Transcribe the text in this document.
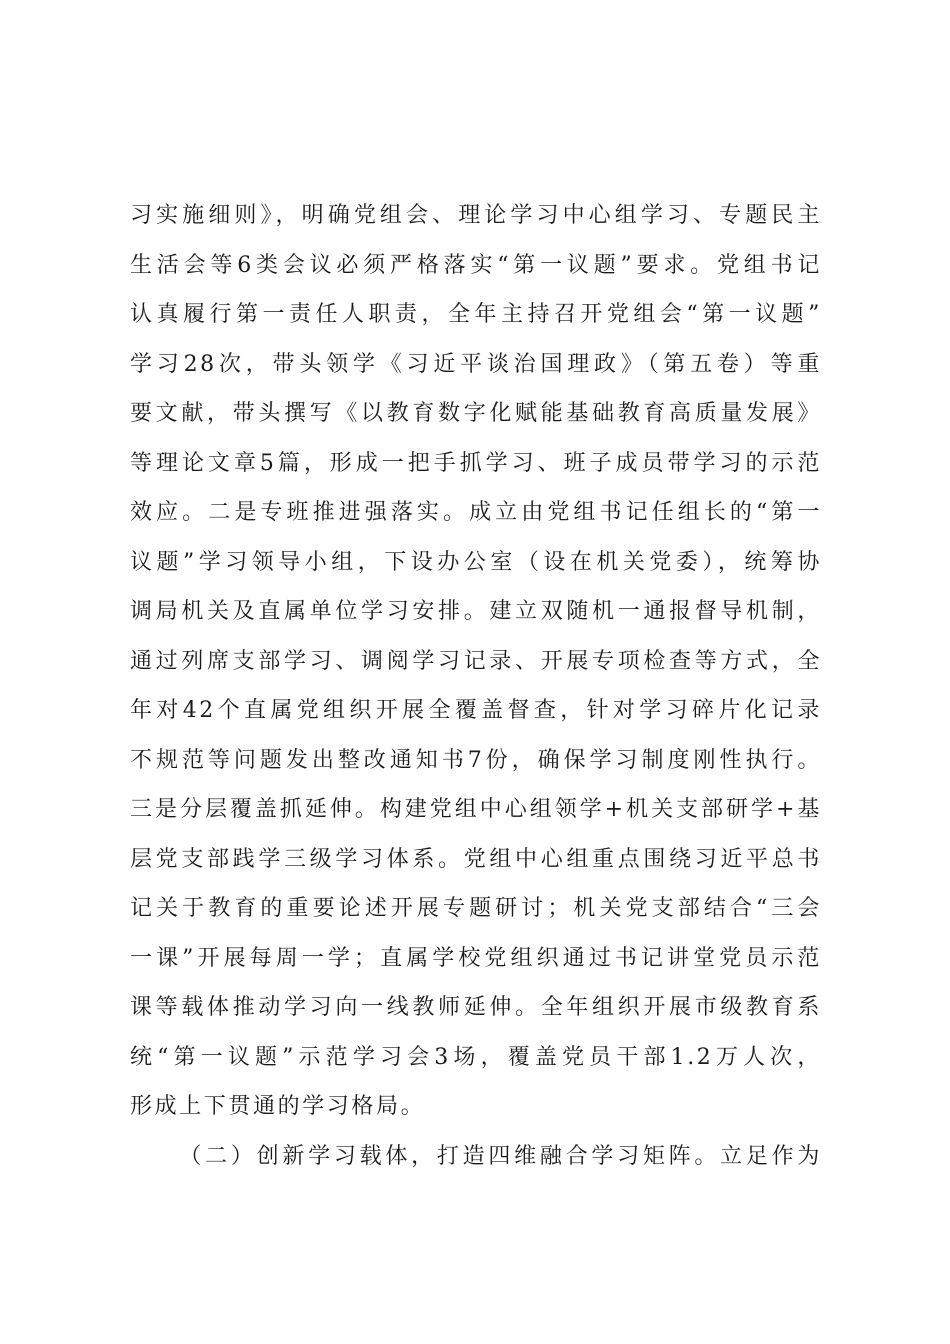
习实施细则》，明确党组会、理论学习中心组学习、专题民主
生活会等6类会议必须严格落实“第一议题”要求。党组书记
认真履行第一责任人职责，全年主持召开党组会“第一议题”
学习28次，带头领学《习近平谈治国理政》（第五卷）等重
要文献，带头撰写《以教育数字化赋能基础教育高质量发展》
等理论文章5篇，形成一把手抓学习、班子成员带学习的示范
效应。二是专班推进强落实。成立由党组书记任组长的“第一
议题”学习领导小组，下设办公室（设在机关党委），统筹协
调局机关及直属单位学习安排。建立双随机一通报督导机制，
通过列席支部学习、调阅学习记录、开展专项检查等方式，全
年对42个直属党组织开展全覆盖督查，针对学习碎片化记录
不规范等问题发出整改通知书7份，确保学习制度刚性执行。
三是分层覆盖抓延伸。构建党组中心组领学+机关支部研学+基
层党支部践学三级学习体系。党组中心组重点围绕习近平总书
记关于教育的重要论述开展专题研讨；机关党支部结合“三会
一课”开展每周一学；直属学校党组织通过书记讲堂党员示范
课等载体推动学习向一线教师延伸。全年组织开展市级教育系
统“第一议题”示范学习会3场，覆盖党员干部1.2万人次，
形成上下贯通的学习格局。
（二）创新学习载体，打造四维融合学习矩阵。立足作为
